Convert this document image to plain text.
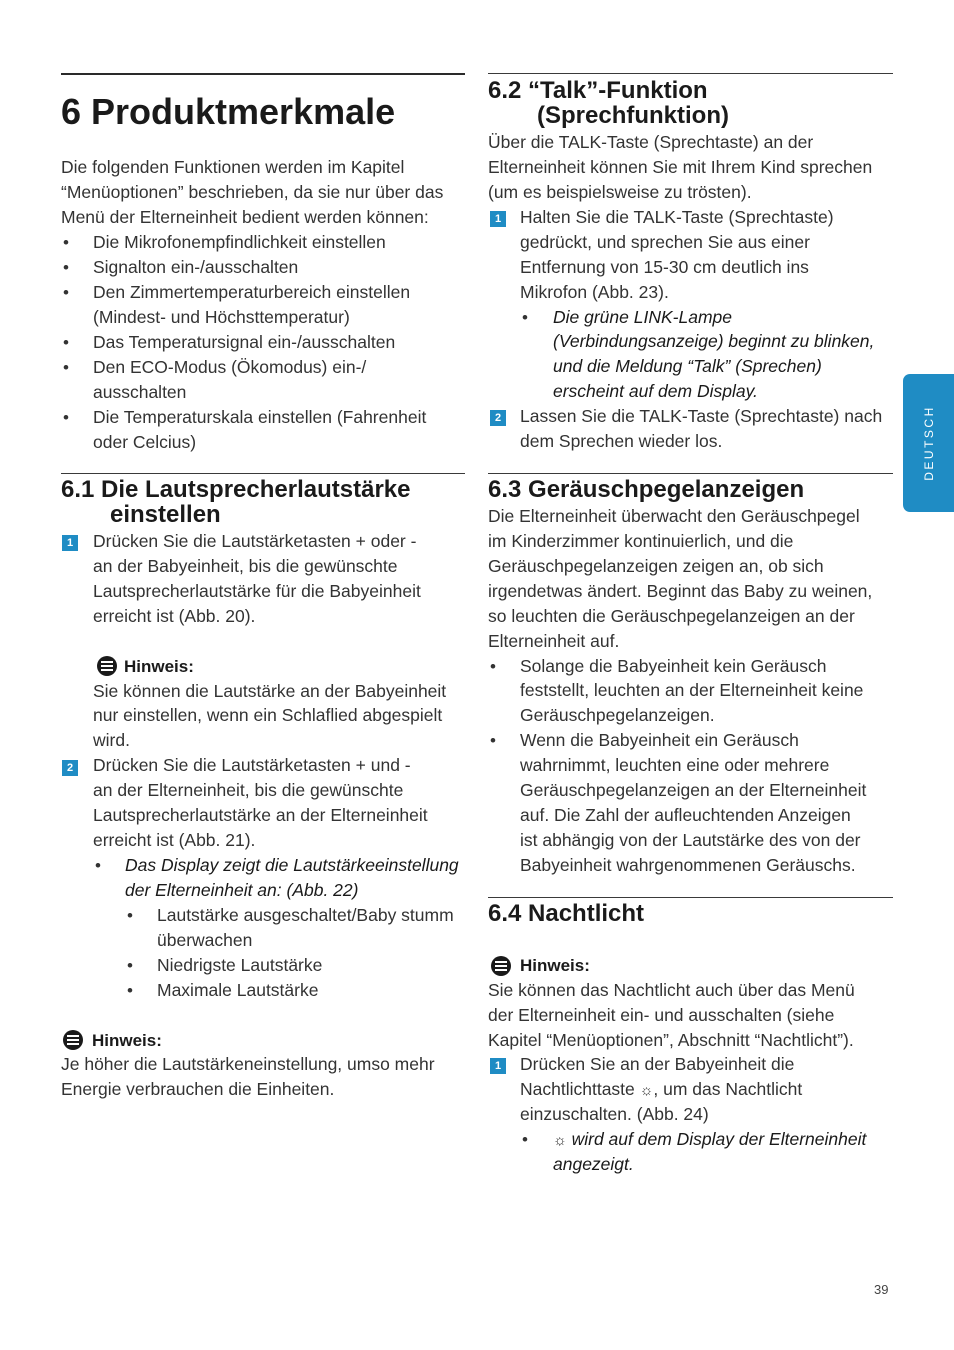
6 Produktmerkmale
Die folgenden Funktionen werden im Kapitel
“Menüoptionen” beschrieben, da sie nur über das
Menü der Elterneinheit bedient werden können:
• Die Mikrofonempfindlichkeit einstellen
• Signalton ein-/ausschalten
• Den Zimmertemperaturbereich einstellen
(Mindest- und Höchsttemperatur)
• Das Temperatursignal ein-/ausschalten
• Den ECO-Modus (Ökomodus) ein-/
ausschalten
• Die Temperaturskala einstellen (Fahrenheit
oder Celcius)
6.1 Die Lautsprecherlautstärke
einstellen
1 Drücken Sie die Lautstärketasten + oder -
an der Babyeinheit, bis die gewünschte
Lautsprecherlautstärke für die Babyeinheit
erreicht ist (Abb. 20).
Hinweis:
Sie können die Lautstärke an der Babyeinheit
nur einstellen, wenn ein Schlaflied abgespielt
wird.
2 Drücken Sie die Lautstärketasten + und -
an der Elterneinheit, bis die gewünschte
Lautsprecherlautstärke an der Elterneinheit
erreicht ist (Abb. 21).
• Das Display zeigt die Lautstärkeeinstellung
der Elterneinheit an: (Abb. 22)
• Lautstärke ausgeschaltet/Baby stumm
überwachen
• Niedrigste Lautstärke
• Maximale Lautstärke
Hinweis:
Je höher die Lautstärkeneinstellung, umso mehr
Energie verbrauchen die Einheiten.
6.2 “Talk”-Funktion
(Sprechfunktion)
Über die TALK-Taste (Sprechtaste) an der
Elterneinheit können Sie mit Ihrem Kind sprechen
(um es beispielsweise zu trösten).
1 Halten Sie die TALK-Taste (Sprechtaste)
gedrückt, und sprechen Sie aus einer
Entfernung von 15-30 cm deutlich ins
Mikrofon (Abb. 23).
• Die grüne LINK-Lampe
(Verbindungsanzeige) beginnt zu blinken,
und die Meldung “Talk” (Sprechen)
erscheint auf dem Display.
2 Lassen Sie die TALK-Taste (Sprechtaste) nach
dem Sprechen wieder los.
6.3 Geräuschpegelanzeigen
Die Elterneinheit überwacht den Geräuschpegel
im Kinderzimmer kontinuierlich, und die
Geräuschpegelanzeigen zeigen an, ob sich
irgendetwas ändert. Beginnt das Baby zu weinen,
so leuchten die Geräuschpegelanzeigen an der
Elterneinheit auf.
• Solange die Babyeinheit kein Geräusch
feststellt, leuchten an der Elterneinheit keine
Geräuschpegelanzeigen.
• Wenn die Babyeinheit ein Geräusch
wahrnimmt, leuchten eine oder mehrere
Geräuschpegelanzeigen an der Elterneinheit
auf. Die Zahl der aufleuchtenden Anzeigen
ist abhängig von der Lautstärke des von der
Babyeinheit wahrgenommenen Geräuschs.
6.4 Nachtlicht
Hinweis:
Sie können das Nachtlicht auch über das Menü
der Elterneinheit ein- und ausschalten (siehe
Kapitel “Menüoptionen”, Abschnitt “Nachtlicht”).
1 Drücken Sie an der Babyeinheit die
Nachtlichttaste ☼, um das Nachtlicht
einzuschalten. (Abb. 24)
• ☼ wird auf dem Display der Elterneinheit
angezeigt.
DEUTSCH
39
